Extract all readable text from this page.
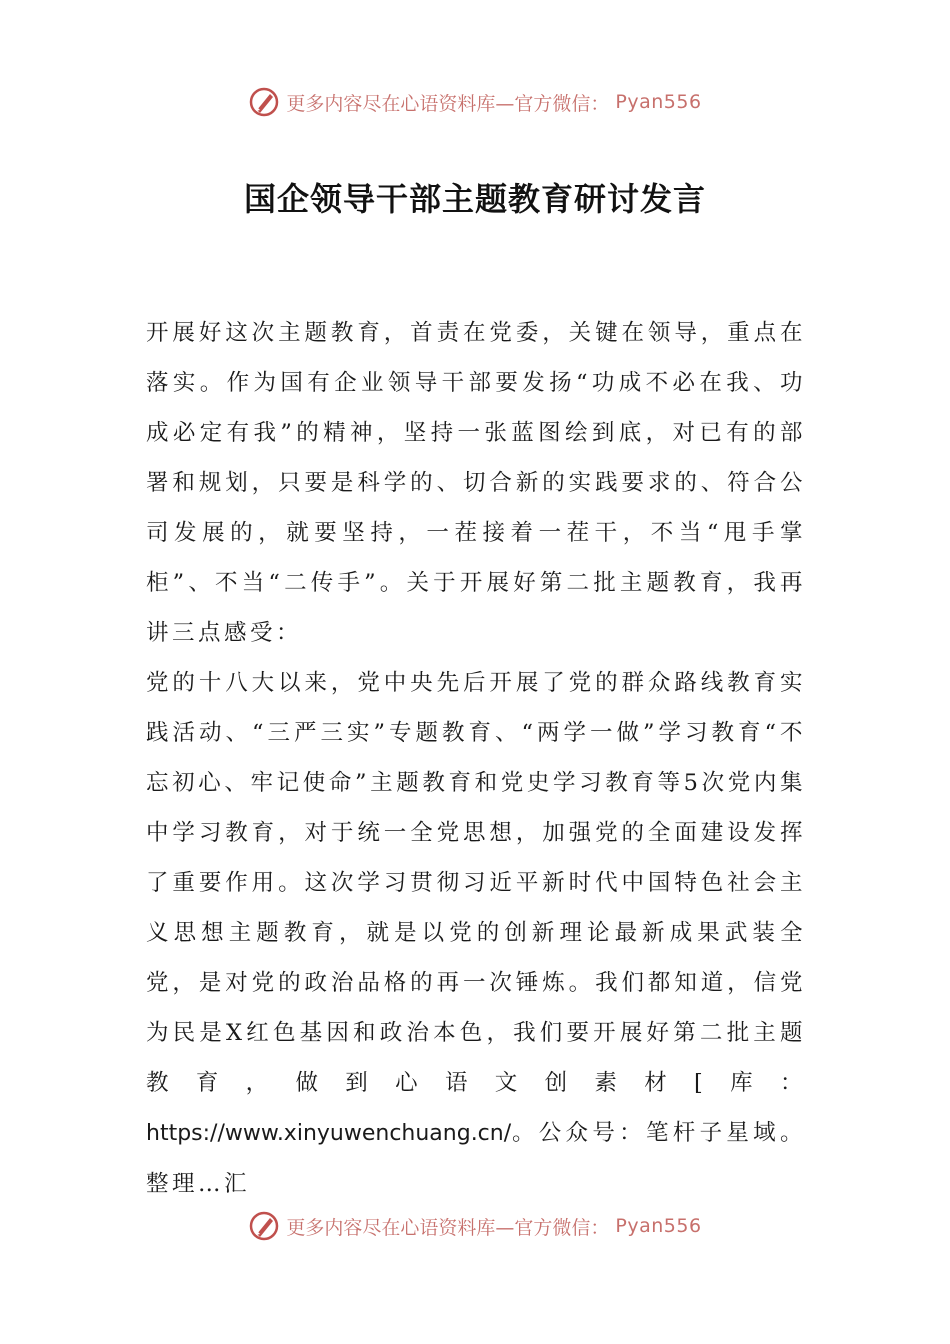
更多内容尽在心语资料库—官方微信： Pyan556
国企领导干部主题教育研讨发言

开展好这次主题教育，首责在党委，关键在领导，重点在落实。作为国有企业领导干部要发扬“功成不必在我、功成必定有我”的精神，坚持一张蓝图绘到底，对已有的部署和规划，只要是科学的、切合新的实践要求的、符合公司发展的，就要坚持，一茬接着一茬干，不当“甩手掌柜”、不当“二传手”。关于开展好第二批主题教育，我再讲三点感受：

党的十八大以来，党中央先后开展了党的群众路线教育实践活动、“三严三实”专题教育、“两学一做”学习教育“不忘初心、牢记使命”主题教育和党史学习教育等5次党内集中学习教育，对于统一全党思想，加强党的全面建设发挥了重要作用。这次学习贯彻习近平新时代中国特色社会主义思想主题教育，就是以党的创新理论最新成果武装全党，是对党的政治品格的再一次锤炼。我们都知道，信党为民是X红色基因和政治本色，我们要开展好第二批主题教育，做到心语文创素材[库：https://www.xinyuwenchuang.cn/。公众号：笔杆子星域。整理…汇

更多内容尽在心语资料库—官方微信： Pyan556
